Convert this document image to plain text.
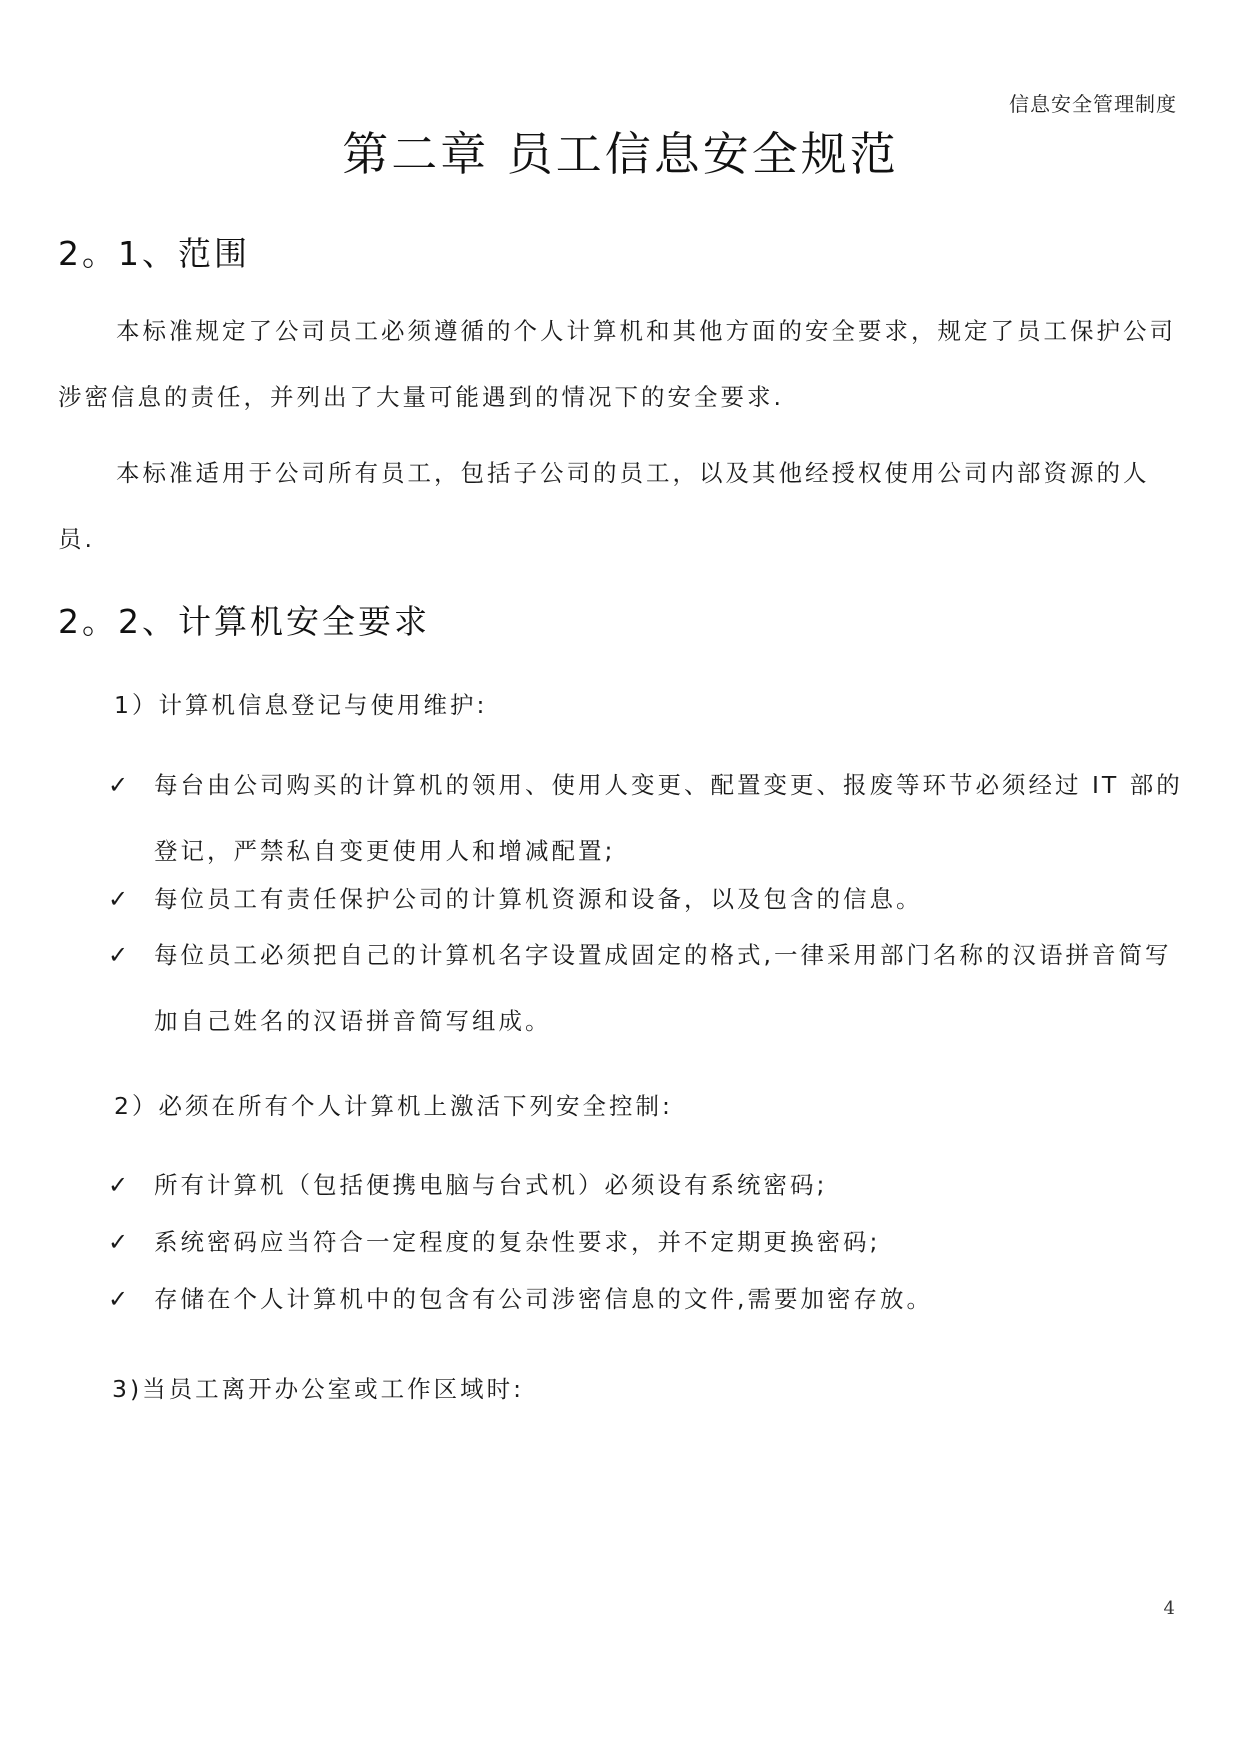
信息安全管理制度
第二章 员工信息安全规范
2。1、范围
本标准规定了公司员工必须遵循的个人计算机和其他方面的安全要求，规定了员工保护公司涉密信息的责任，并列出了大量可能遇到的情况下的安全要求.
本标准适用于公司所有员工，包括子公司的员工，以及其他经授权使用公司内部资源的人员.
2。2、计算机安全要求
1）计算机信息登记与使用维护:
✓ 每台由公司购买的计算机的领用、使用人变更、配置变更、报废等环节必须经过 IT 部的登记，严禁私自变更使用人和增减配置;
✓ 每位员工有责任保护公司的计算机资源和设备，以及包含的信息。
✓ 每位员工必须把自己的计算机名字设置成固定的格式,一律采用部门名称的汉语拼音简写加自己姓名的汉语拼音简写组成。
2）必须在所有个人计算机上激活下列安全控制:
✓ 所有计算机（包括便携电脑与台式机）必须设有系统密码;
✓ 系统密码应当符合一定程度的复杂性要求，并不定期更换密码;
✓ 存储在个人计算机中的包含有公司涉密信息的文件,需要加密存放。
3)当员工离开办公室或工作区域时:
4
